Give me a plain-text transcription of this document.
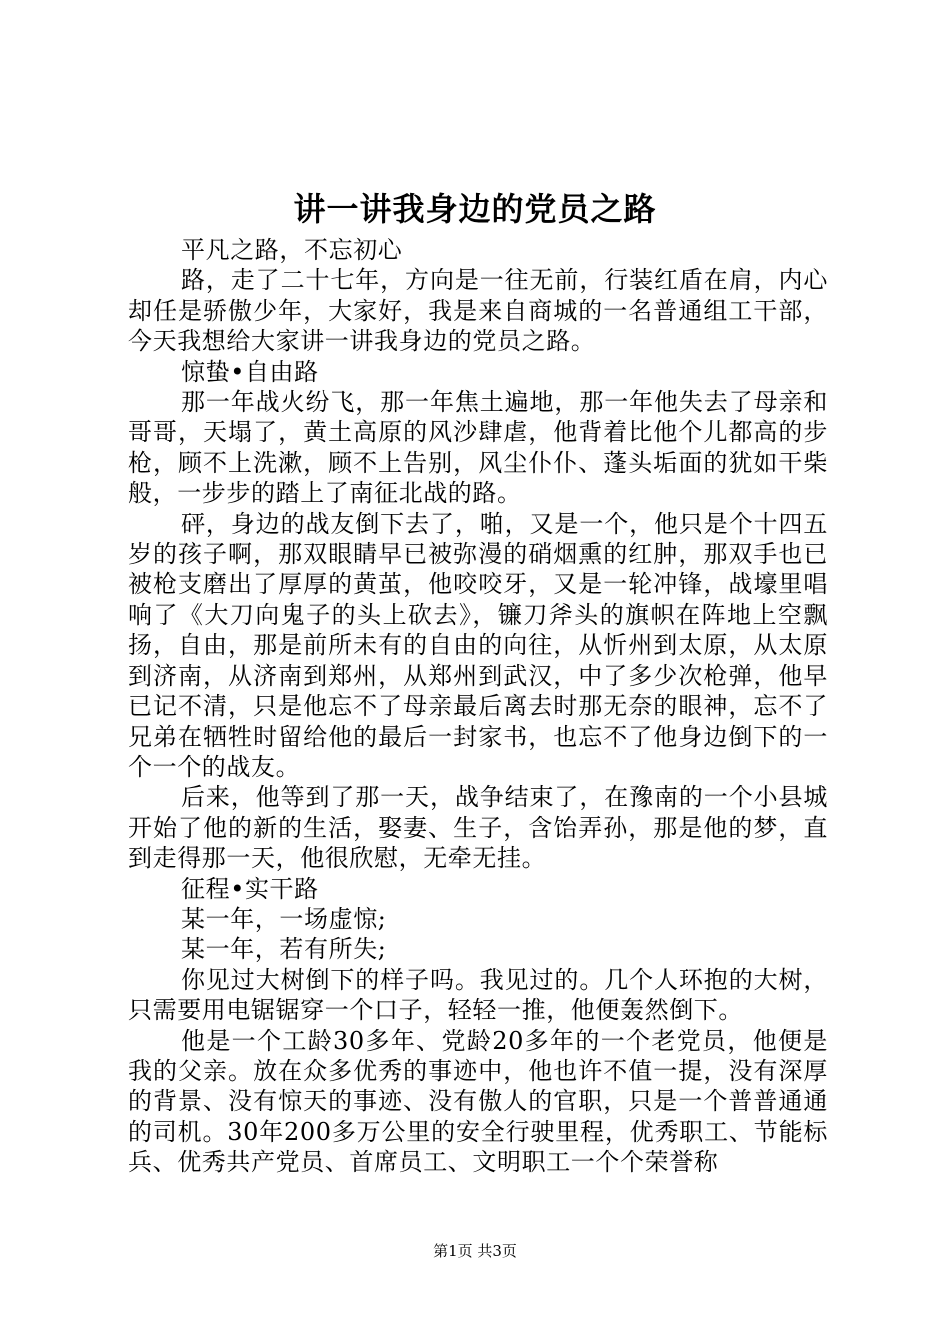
讲一讲我身边的党员之路

平凡之路，不忘初心

路，走了二十七年，方向是一往无前，行装红盾在肩，内心却任是骄傲少年，大家好，我是来自商城的一名普通组工干部，今天我想给大家讲一讲我身边的党员之路。

惊蛰•自由路

那一年战火纷飞，那一年焦土遍地，那一年他失去了母亲和哥哥，天塌了，黄土高原的风沙肆虐，他背着比他个儿都高的步枪，顾不上洗漱，顾不上告别，风尘仆仆、蓬头垢面的犹如干柴般，一步步的踏上了南征北战的路。

砰，身边的战友倒下去了，啪，又是一个，他只是个十四五岁的孩子啊，那双眼睛早已被弥漫的硝烟熏的红肿，那双手也已被枪支磨出了厚厚的黄茧，他咬咬牙，又是一轮冲锋，战壕里唱响了《大刀向鬼子的头上砍去》，镰刀斧头的旗帜在阵地上空飘扬，自由，那是前所未有的自由的向往，从忻州到太原，从太原到济南，从济南到郑州，从郑州到武汉，中了多少次枪弹，他早已记不清，只是他忘不了母亲最后离去时那无奈的眼神，忘不了兄弟在牺牲时留给他的最后一封家书，也忘不了他身边倒下的一个一个的战友。

后来，他等到了那一天，战争结束了，在豫南的一个小县城开始了他的新的生活，娶妻、生子，含饴弄孙，那是他的梦，直到走得那一天，他很欣慰，无牵无挂。

征程•实干路

某一年，一场虚惊;

某一年，若有所失;

你见过大树倒下的样子吗。我见过的。几个人环抱的大树，只需要用电锯锯穿一个口子，轻轻一推，他便轰然倒下。

他是一个工龄30多年、党龄20多年的一个老党员，他便是我的父亲。放在众多优秀的事迹中，他也许不值一提，没有深厚的背景、没有惊天的事迹、没有傲人的官职，只是一个普普通通的司机。30年200多万公里的安全行驶里程，优秀职工、节能标兵、优秀共产党员、首席员工、文明职工一个个荣誉称

第1页 共3页
